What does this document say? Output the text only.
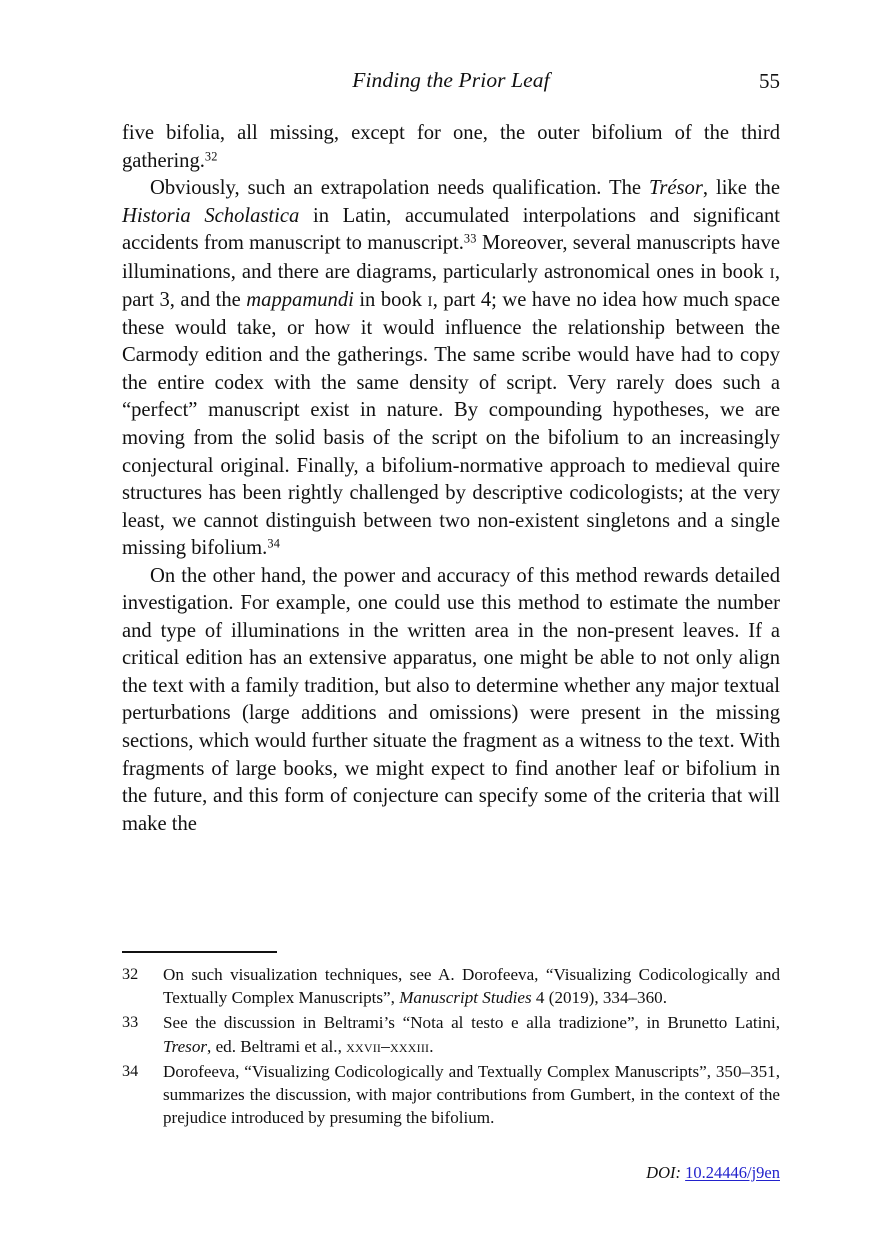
Finding the Prior Leaf	55

five bifolia, all missing, except for one, the outer bifolium of the third gathering.$^{32}$

Obviously, such an extrapolation needs qualification. The Trésor, like the Historia Scholastica in Latin, accumulated interpolations and significant accidents from manuscript to manuscript.$^{33}$ Moreover, several manuscripts have illuminations, and there are diagrams, particularly astronomical ones in book i, part 3, and the mappamundi in book i, part 4; we have no idea how much space these would take, or how it would influence the relationship between the Carmody edition and the gatherings. The same scribe would have had to copy the entire codex with the same density of script. Very rarely does such a “perfect” manuscript exist in nature. By compounding hypotheses, we are moving from the solid basis of the script on the bifolium to an increasingly conjectural original. Finally, a bifolium-normative approach to medieval quire structures has been rightly challenged by descriptive codicologists; at the very least, we cannot distinguish between two non-existent singletons and a single missing bifolium.$^{34}$

On the other hand, the power and accuracy of this method rewards detailed investigation. For example, one could use this method to estimate the number and type of illuminations in the written area in the non-present leaves. If a critical edition has an extensive apparatus, one might be able to not only align the text with a family tradition, but also to determine whether any major textual perturbations (large additions and omissions) were present in the missing sections, which would further situate the fragment as a witness to the text. With fragments of large books, we might expect to find another leaf or bifolium in the future, and this form of conjecture can specify some of the criteria that will make the

32	On such visualization techniques, see A. Dorofeeva, “Visualizing Codicologically and Textually Complex Manuscripts”, Manuscript Studies 4 (2019), 334–360.
33	See the discussion in Beltrami’s “Nota al testo e alla tradizione”, in Brunetto Latini, Tresor, ed. Beltrami et al., xxvii–xxxiii.
34	Dorofeeva, “Visualizing Codicologically and Textually Complex Manuscripts”, 350–351, summarizes the discussion, with major contributions from Gumbert, in the context of the prejudice introduced by presuming the bifolium.
DOI: 10.24446/j9en
